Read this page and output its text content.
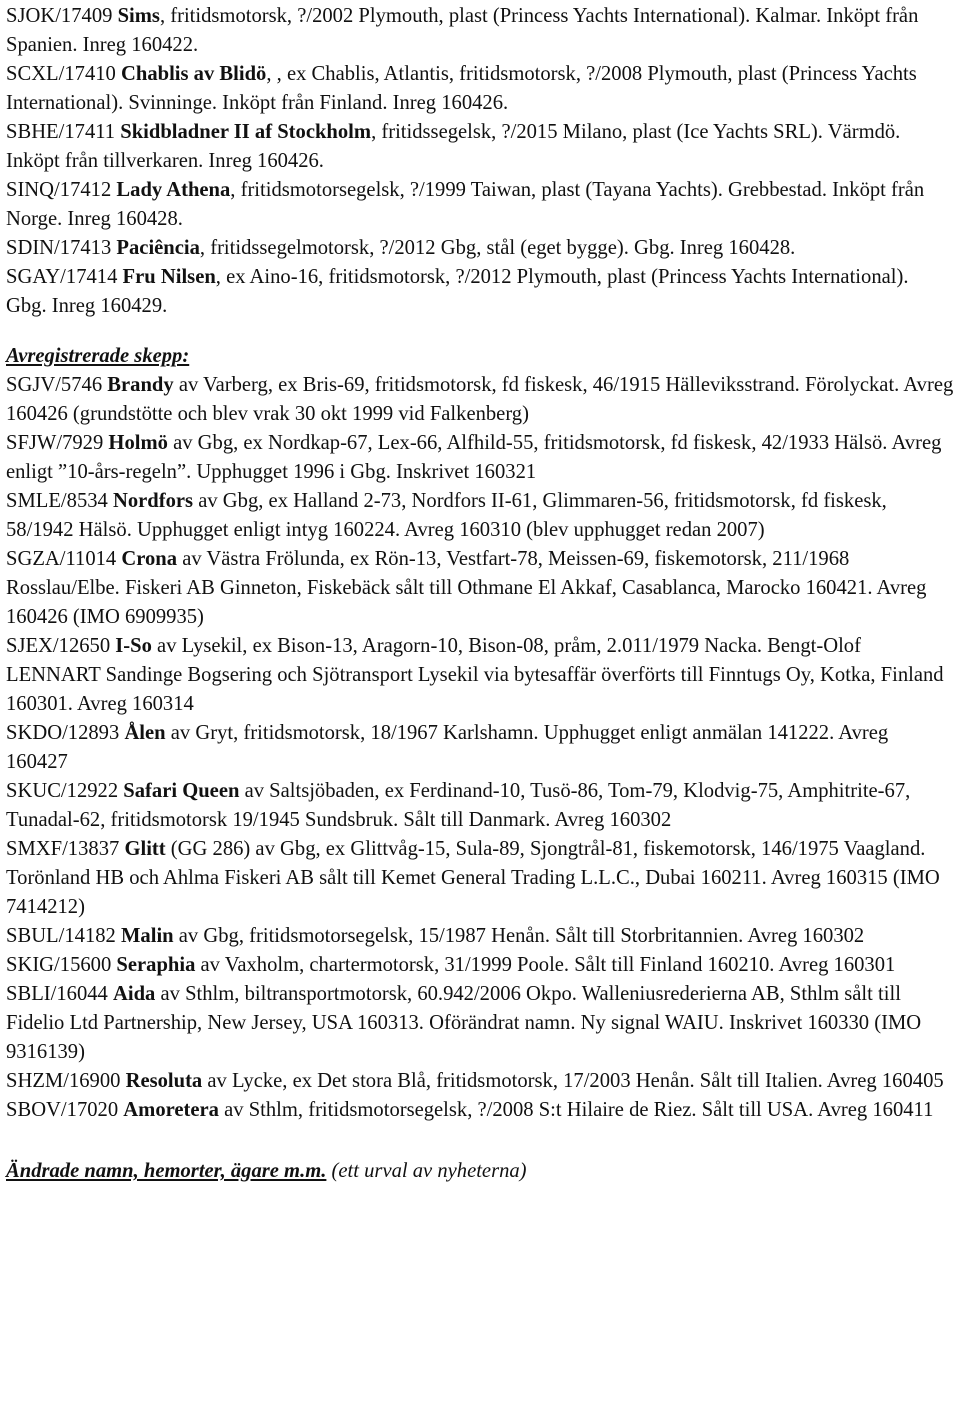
SJOK/17409 Sims, fritidsmotorsk, ?/2002 Plymouth, plast (Princess Yachts International). Kalmar. Inköpt från Spanien. Inreg 160422.

SCXL/17410 Chablis av Blidö, , ex Chablis, Atlantis, fritidsmotorsk, ?/2008 Plymouth, plast (Princess Yachts International). Svinninge. Inköpt från Finland. Inreg 160426.

SBHE/17411 Skidbladner II af Stockholm, fritidssegelsk, ?/2015 Milano, plast (Ice Yachts SRL). Värmdö. Inköpt från tillverkaren. Inreg 160426.

SINQ/17412 Lady Athena, fritidsmotorsegelsk, ?/1999 Taiwan, plast (Tayana Yachts). Grebbestad. Inköpt från Norge. Inreg 160428.

SDIN/17413 Paciência, fritidssegelmotorsk, ?/2012 Gbg, stål (eget bygge). Gbg. Inreg 160428.

SGAY/17414 Fru Nilsen, ex Aino-16, fritidsmotorsk, ?/2012 Plymouth, plast (Princess Yachts International). Gbg. Inreg 160429.

Avregistrerade skepp:

SGJV/5746 Brandy av Varberg, ex Bris-69, fritidsmotorsk, fd fiskesk, 46/1915 Hälleviksstrand. Förolyckat. Avreg 160426 (grundstötte och blev vrak 30 okt 1999 vid Falkenberg)

SFJW/7929 Holmö av Gbg, ex Nordkap-67, Lex-66, Alfhild-55, fritidsmotorsk, fd fiskesk, 42/1933 Hälsö. Avreg enligt ”10-års-regeln”. Upphugget 1996 i Gbg. Inskrivet 160321

SMLE/8534 Nordfors av Gbg, ex Halland 2-73, Nordfors II-61, Glimmaren-56, fritidsmotorsk, fd fiskesk, 58/1942 Hälsö. Upphugget enligt intyg 160224. Avreg 160310 (blev upphugget redan 2007)

SGZA/11014 Crona av Västra Frölunda, ex Rön-13, Vestfart-78, Meissen-69, fiskemotorsk, 211/1968 Rosslau/Elbe. Fiskeri AB Ginneton, Fiskebäck sålt till Othmane El Akkaf, Casablanca, Marocko 160421. Avreg 160426 (IMO 6909935)

SJEX/12650 I-So av Lysekil, ex Bison-13, Aragorn-10, Bison-08, pråm, 2.011/1979 Nacka. Bengt-Olof LENNART Sandinge Bogsering och Sjötransport Lysekil via bytesaffär överförts till Finntugs Oy, Kotka, Finland 160301. Avreg 160314

SKDO/12893 Ålen av Gryt, fritidsmotorsk, 18/1967 Karlshamn. Upphugget enligt anmälan 141222. Avreg 160427

SKUC/12922 Safari Queen av Saltsjöbaden, ex Ferdinand-10, Tusö-86, Tom-79, Klodvig-75, Amphitrite-67, Tunadal-62, fritidsmotorsk 19/1945 Sundsbruk. Sålt till Danmark. Avreg 160302

SMXF/13837 Glitt (GG 286) av Gbg, ex Glittvåg-15, Sula-89, Sjongtrål-81, fiskemotorsk, 146/1975 Vaagland. Torönland HB och Ahlma Fiskeri AB sålt till Kemet General Trading L.L.C., Dubai 160211. Avreg 160315 (IMO 7414212)

SBUL/14182 Malin av Gbg, fritidsmotorsegelsk, 15/1987 Henån. Sålt till Storbritannien. Avreg 160302

SKIG/15600 Seraphia av Vaxholm, chartermotorsk, 31/1999 Poole. Sålt till Finland 160210. Avreg 160301

SBLI/16044 Aida av Sthlm, biltransportmotorsk, 60.942/2006 Okpo. Walleniusrederierna AB, Sthlm sålt till Fidelio Ltd Partnership, New Jersey, USA 160313. Oförändrat namn. Ny signal WAIU. Inskrivet 160330 (IMO 9316139)

SHZM/16900 Resoluta av Lycke, ex Det stora Blå, fritidsmotorsk, 17/2003 Henån. Sålt till Italien. Avreg 160405

SBOV/17020 Amoretera av Sthlm, fritidsmotorsegelsk, ?/2008 S:t Hilaire de Riez. Sålt till USA. Avreg 160411

Ändrade namn, hemorter, ägare m.m. (ett urval av nyheterna)
